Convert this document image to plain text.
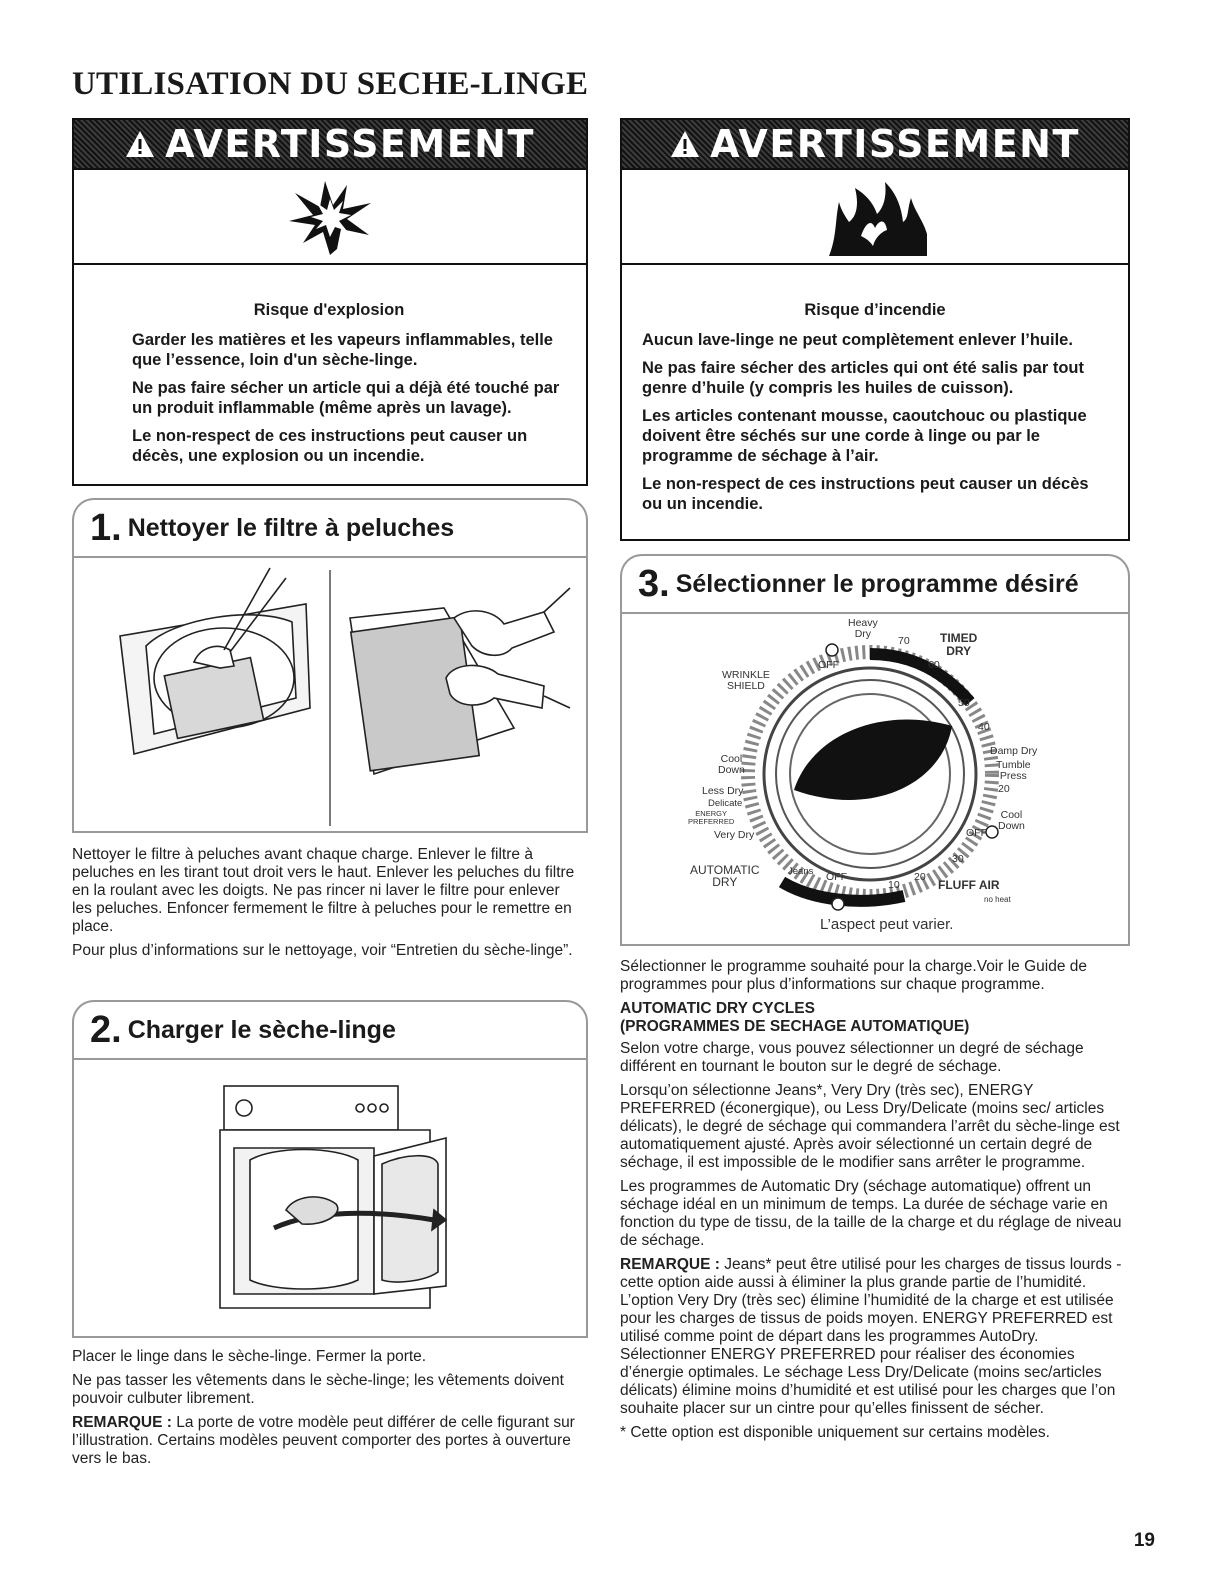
UTILISATION DU SECHE-LINGE
AVERTISSEMENT
Risque d'explosion

Garder les matières et les vapeurs inflammables, telle que l’essence, loin d'un sèche-linge.

Ne pas faire sécher un article qui a déjà été touché par un produit inflammable (même après un lavage).

Le non-respect de ces instructions peut causer un décès, une explosion ou un incendie.

AVERTISSEMENT
Risque d’incendie

Aucun lave-linge ne peut complètement enlever l’huile.

Ne pas faire sécher des articles qui ont été salis par tout genre d’huile (y compris les huiles de cuisson).

Les articles contenant mousse, caoutchouc ou plastique doivent être séchés sur une corde à linge ou par le programme de séchage à l’air.

Le non-respect de ces instructions peut causer un décès ou un incendie.

1. Nettoyer le filtre à peluches

Nettoyer le filtre à peluches avant chaque charge. Enlever le filtre à peluches en les tirant tout droit vers le haut. Enlever les peluches du filtre en la roulant avec les doigts. Ne pas rincer ni laver le filtre pour enlever les peluches. Enfoncer fermement le filtre à peluches pour le remettre en place.

Pour plus d’informations sur le nettoyage, voir “Entretien du sèche-linge”.

2. Charger le sèche-linge

Placer le linge dans le sèche-linge. Fermer la porte.

Ne pas tasser les vêtements dans le sèche-linge; les vêtements doivent pouvoir culbuter librement.

REMARQUE : La porte de votre modèle peut différer de celle figurant sur l’illustration. Certains modèles peuvent comporter des portes à ouverture vers le bas.

3. Sélectionner le programme désiré
Heavy
Dry
OFF
70
60
TIMED
DRY
WRINKLE
SHIELD
50
40
Damp Dry
Tumble
Press
20
Cool
Down
Cool
Down
Less Dry
Delicate
ENERGY
PREFERRED
Very Dry	OFF
30
AUTOMATIC
DRY
Jeans OFF	20
10	FLUFF AIR
no heat
L’aspect peut varier.

Sélectionner le programme souhaité pour la charge.Voir le Guide de programmes pour plus d’informations sur chaque programme.

AUTOMATIC DRY CYCLES
(PROGRAMMES DE SECHAGE AUTOMATIQUE)

Selon votre charge, vous pouvez sélectionner un degré de séchage différent en tournant le bouton sur le degré de séchage.

Lorsqu’on sélectionne Jeans*, Very Dry (très sec), ENERGY PREFERRED (éconergique), ou Less Dry/Delicate (moins sec/ articles délicats), le degré de séchage qui commandera l’arrêt du sèche-linge est automatiquement ajusté. Après avoir sélectionné un certain degré de séchage, il est impossible de le modifier sans arrêter le programme.

Les programmes de Automatic Dry (séchage automatique) offrent un séchage idéal en un minimum de temps. La durée de séchage varie en fonction du type de tissu, de la taille de la charge et du réglage de niveau de séchage.

REMARQUE : Jeans* peut être utilisé pour les charges de tissus lourds - cette option aide aussi à éliminer la plus grande partie de l’humidité. L’option Very Dry (très sec) élimine l’humidité de la charge et est utilisée pour les charges de tissus de poids moyen. ENERGY PREFERRED est utilisé comme point de départ dans les programmes AutoDry. Sélectionner ENERGY PREFERRED pour réaliser des économies d’énergie optimales. Le séchage Less Dry/Delicate (moins sec/articles délicats) élimine moins d’humidité et est utilisé pour les charges que l’on souhaite placer sur un cintre pour qu’elles finissent de sécher.

* Cette option est disponible uniquement sur certains modèles.

19
